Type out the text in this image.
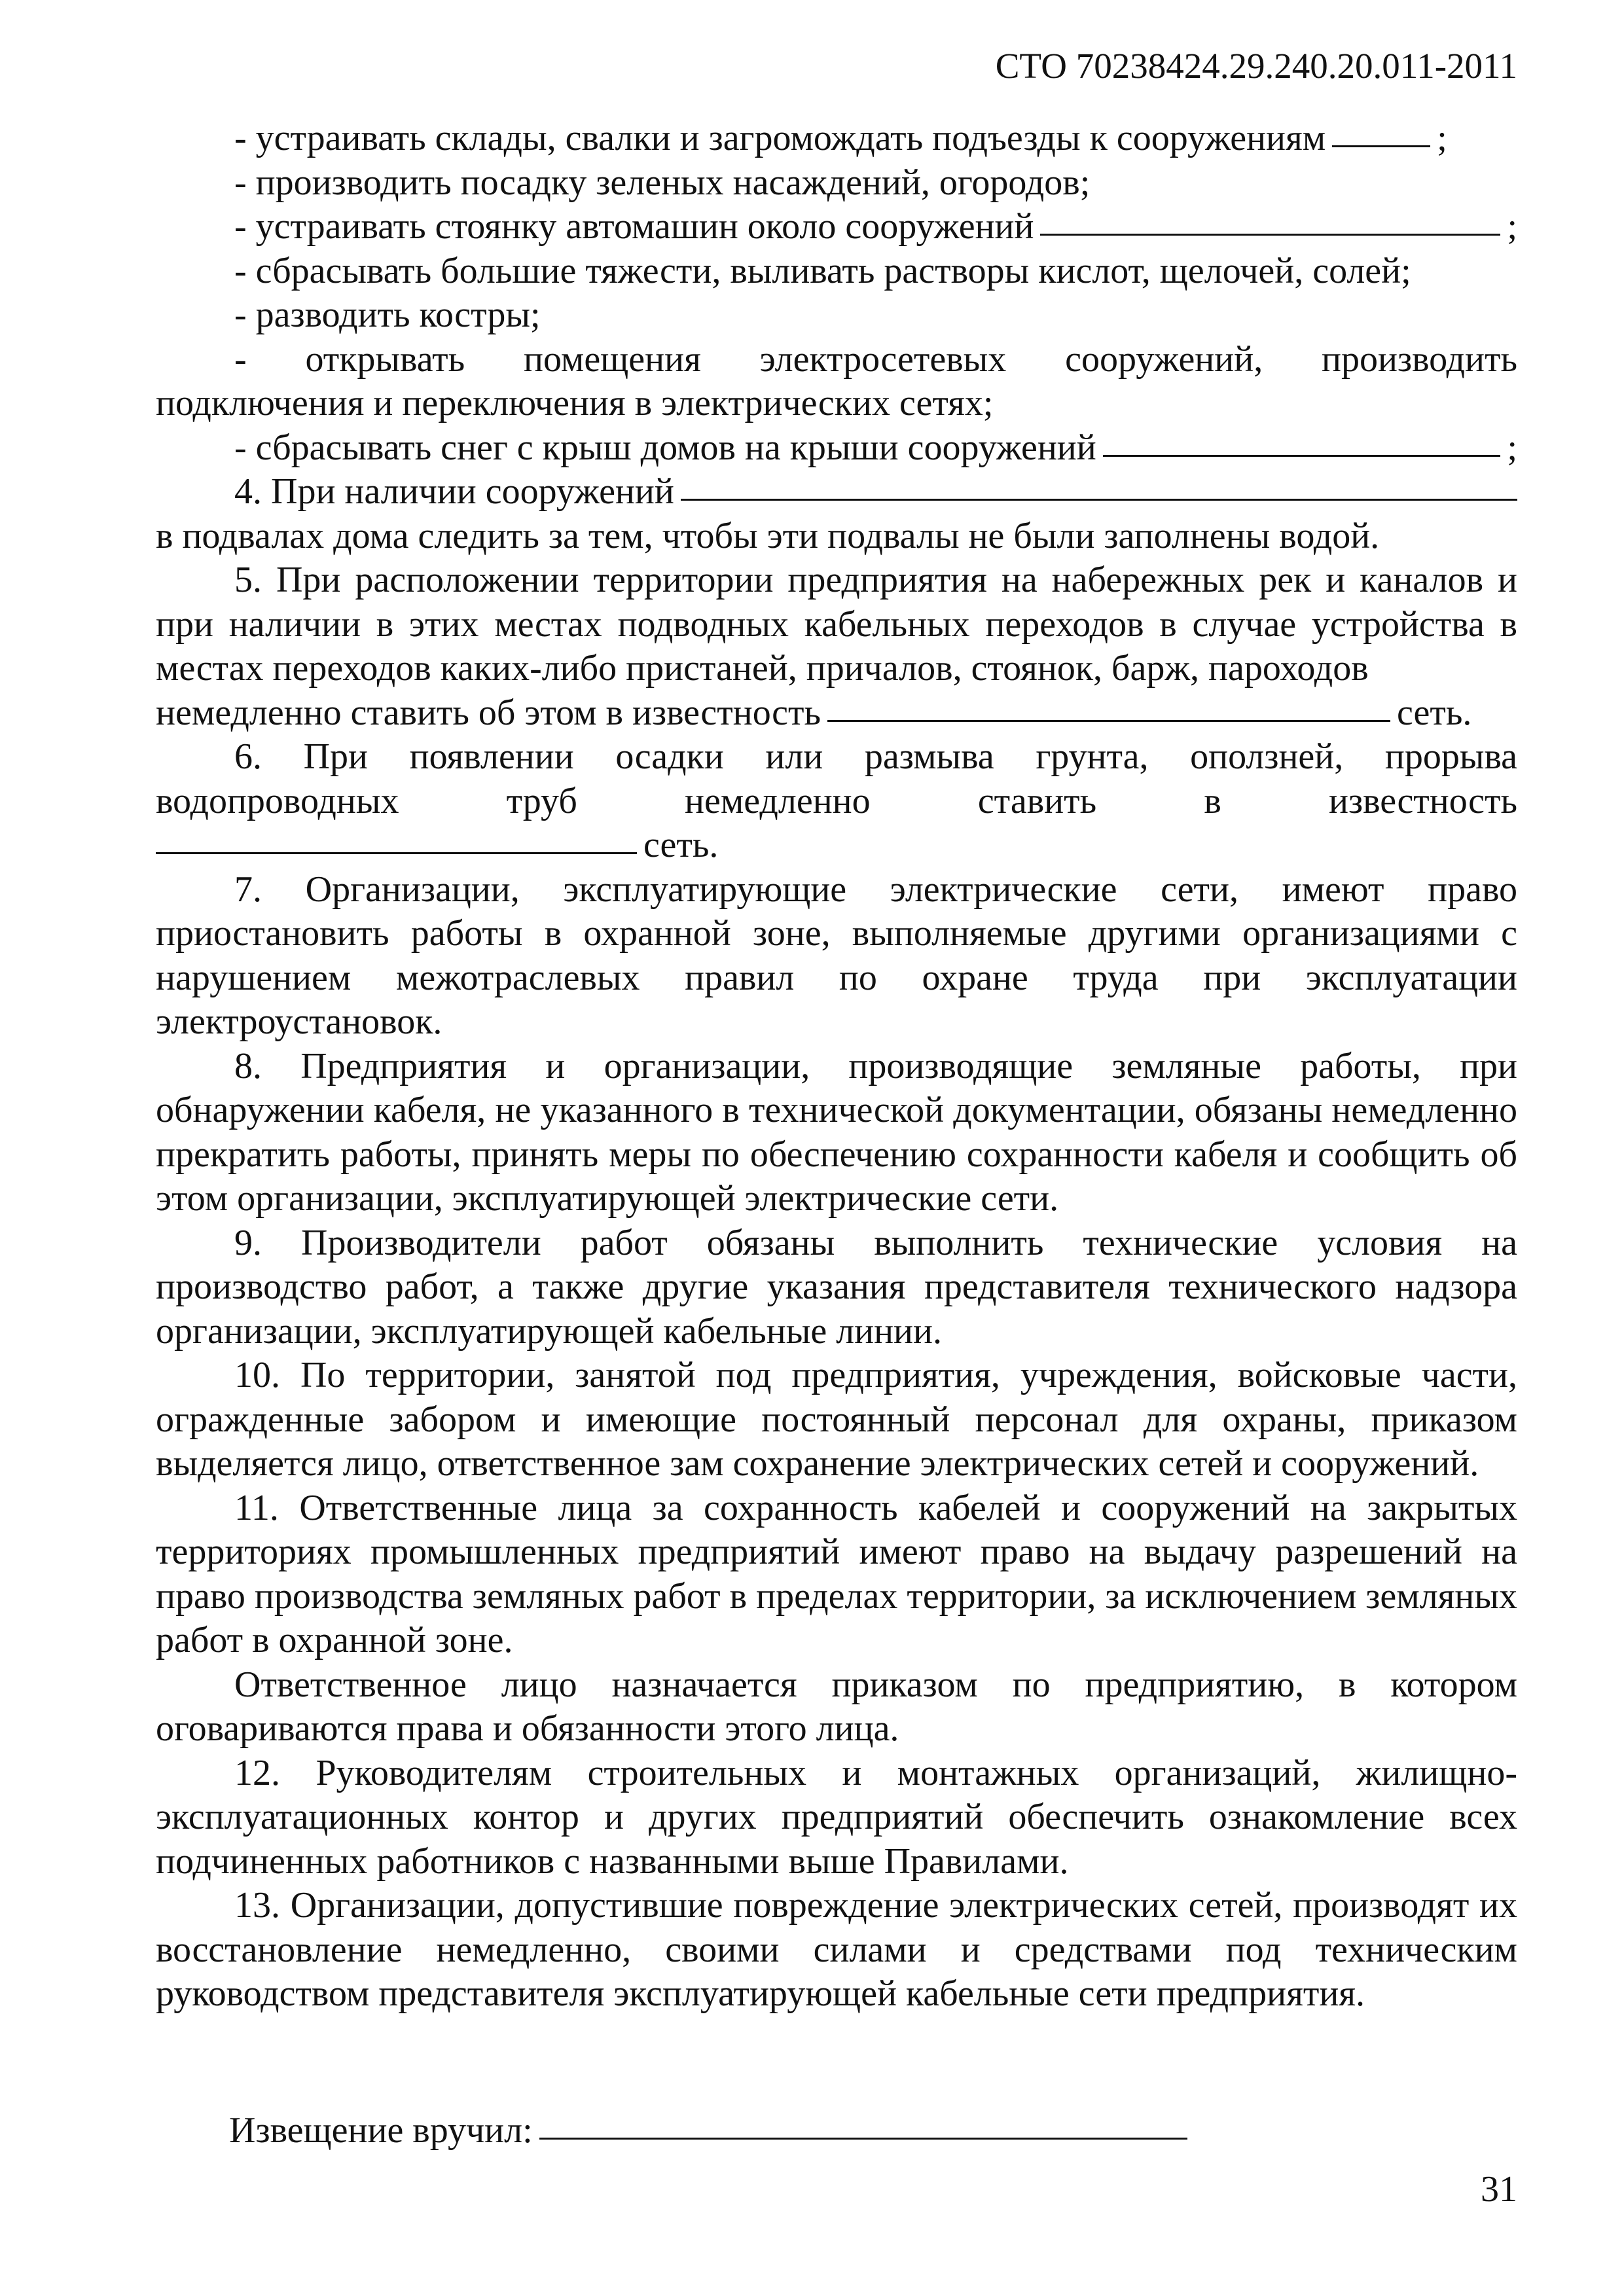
СТО 70238424.29.240.20.011-2011
- устраивать склады, свалки и загромождать подъезды к сооружениям	;
- производить посадку зеленых насаждений, огородов;
- устраивать стоянку автомашин около сооружений	;
- сбрасывать большие тяжести, выливать растворы кислот, щелочей, солей;
- разводить костры;
- открывать помещения электросетевых сооружений, производить
подключения и переключения в электрических сетях;
- сбрасывать снег с крыш домов на крыши сооружений	;
4. При наличии сооружений
в подвалах дома следить за тем, чтобы эти подвалы не были заполнены водой.
5. При расположении территории предприятия на набережных рек и каналов и при наличии в этих местах подводных кабельных переходов в случае устройства в местах переходов каких-либо пристаней, причалов, стоянок, барж, пароходов
немедленно ставить об этом в известность	сеть.
6. При появлении осадки или размыва грунта, оползней, прорыва
водопроводных	труб	немедленно	ставить	в	известность
сеть.
7. Организации, эксплуатирующие электрические сети, имеют право приостановить работы в охранной зоне, выполняемые другими организациями с нарушением межотраслевых правил по охране труда при эксплуатации электроустановок.
8. Предприятия и организации, производящие земляные работы, при обнаружении кабеля, не указанного в технической документации, обязаны немедленно прекратить работы, принять меры по обеспечению сохранности кабеля и сообщить об этом организации, эксплуатирующей электрические сети.
9. Производители работ обязаны выполнить технические условия на производство работ, а также другие указания представителя технического надзора организации, эксплуатирующей кабельные линии.
10. По территории, занятой под предприятия, учреждения, войсковые части, огражденные забором и имеющие постоянный персонал для охраны, приказом выделяется лицо, ответственное зам сохранение электрических сетей и сооружений.
11. Ответственные лица за сохранность кабелей и сооружений на закрытых территориях промышленных предприятий имеют право на выдачу разрешений на право производства земляных работ в пределах территории, за исключением земляных работ в охранной зоне.
Ответственное лицо назначается приказом по предприятию, в котором оговариваются права и обязанности этого лица.
12. Руководителям строительных и монтажных организаций, жилищно-эксплуатационных контор и других предприятий обеспечить ознакомление всех подчиненных работников с названными выше Правилами.
13. Организации, допустившие повреждение электрических сетей, производят их восстановление немедленно, своими силами и средствами под техническим руководством представителя эксплуатирующей кабельные сети предприятия.
Извещение вручил:
31
